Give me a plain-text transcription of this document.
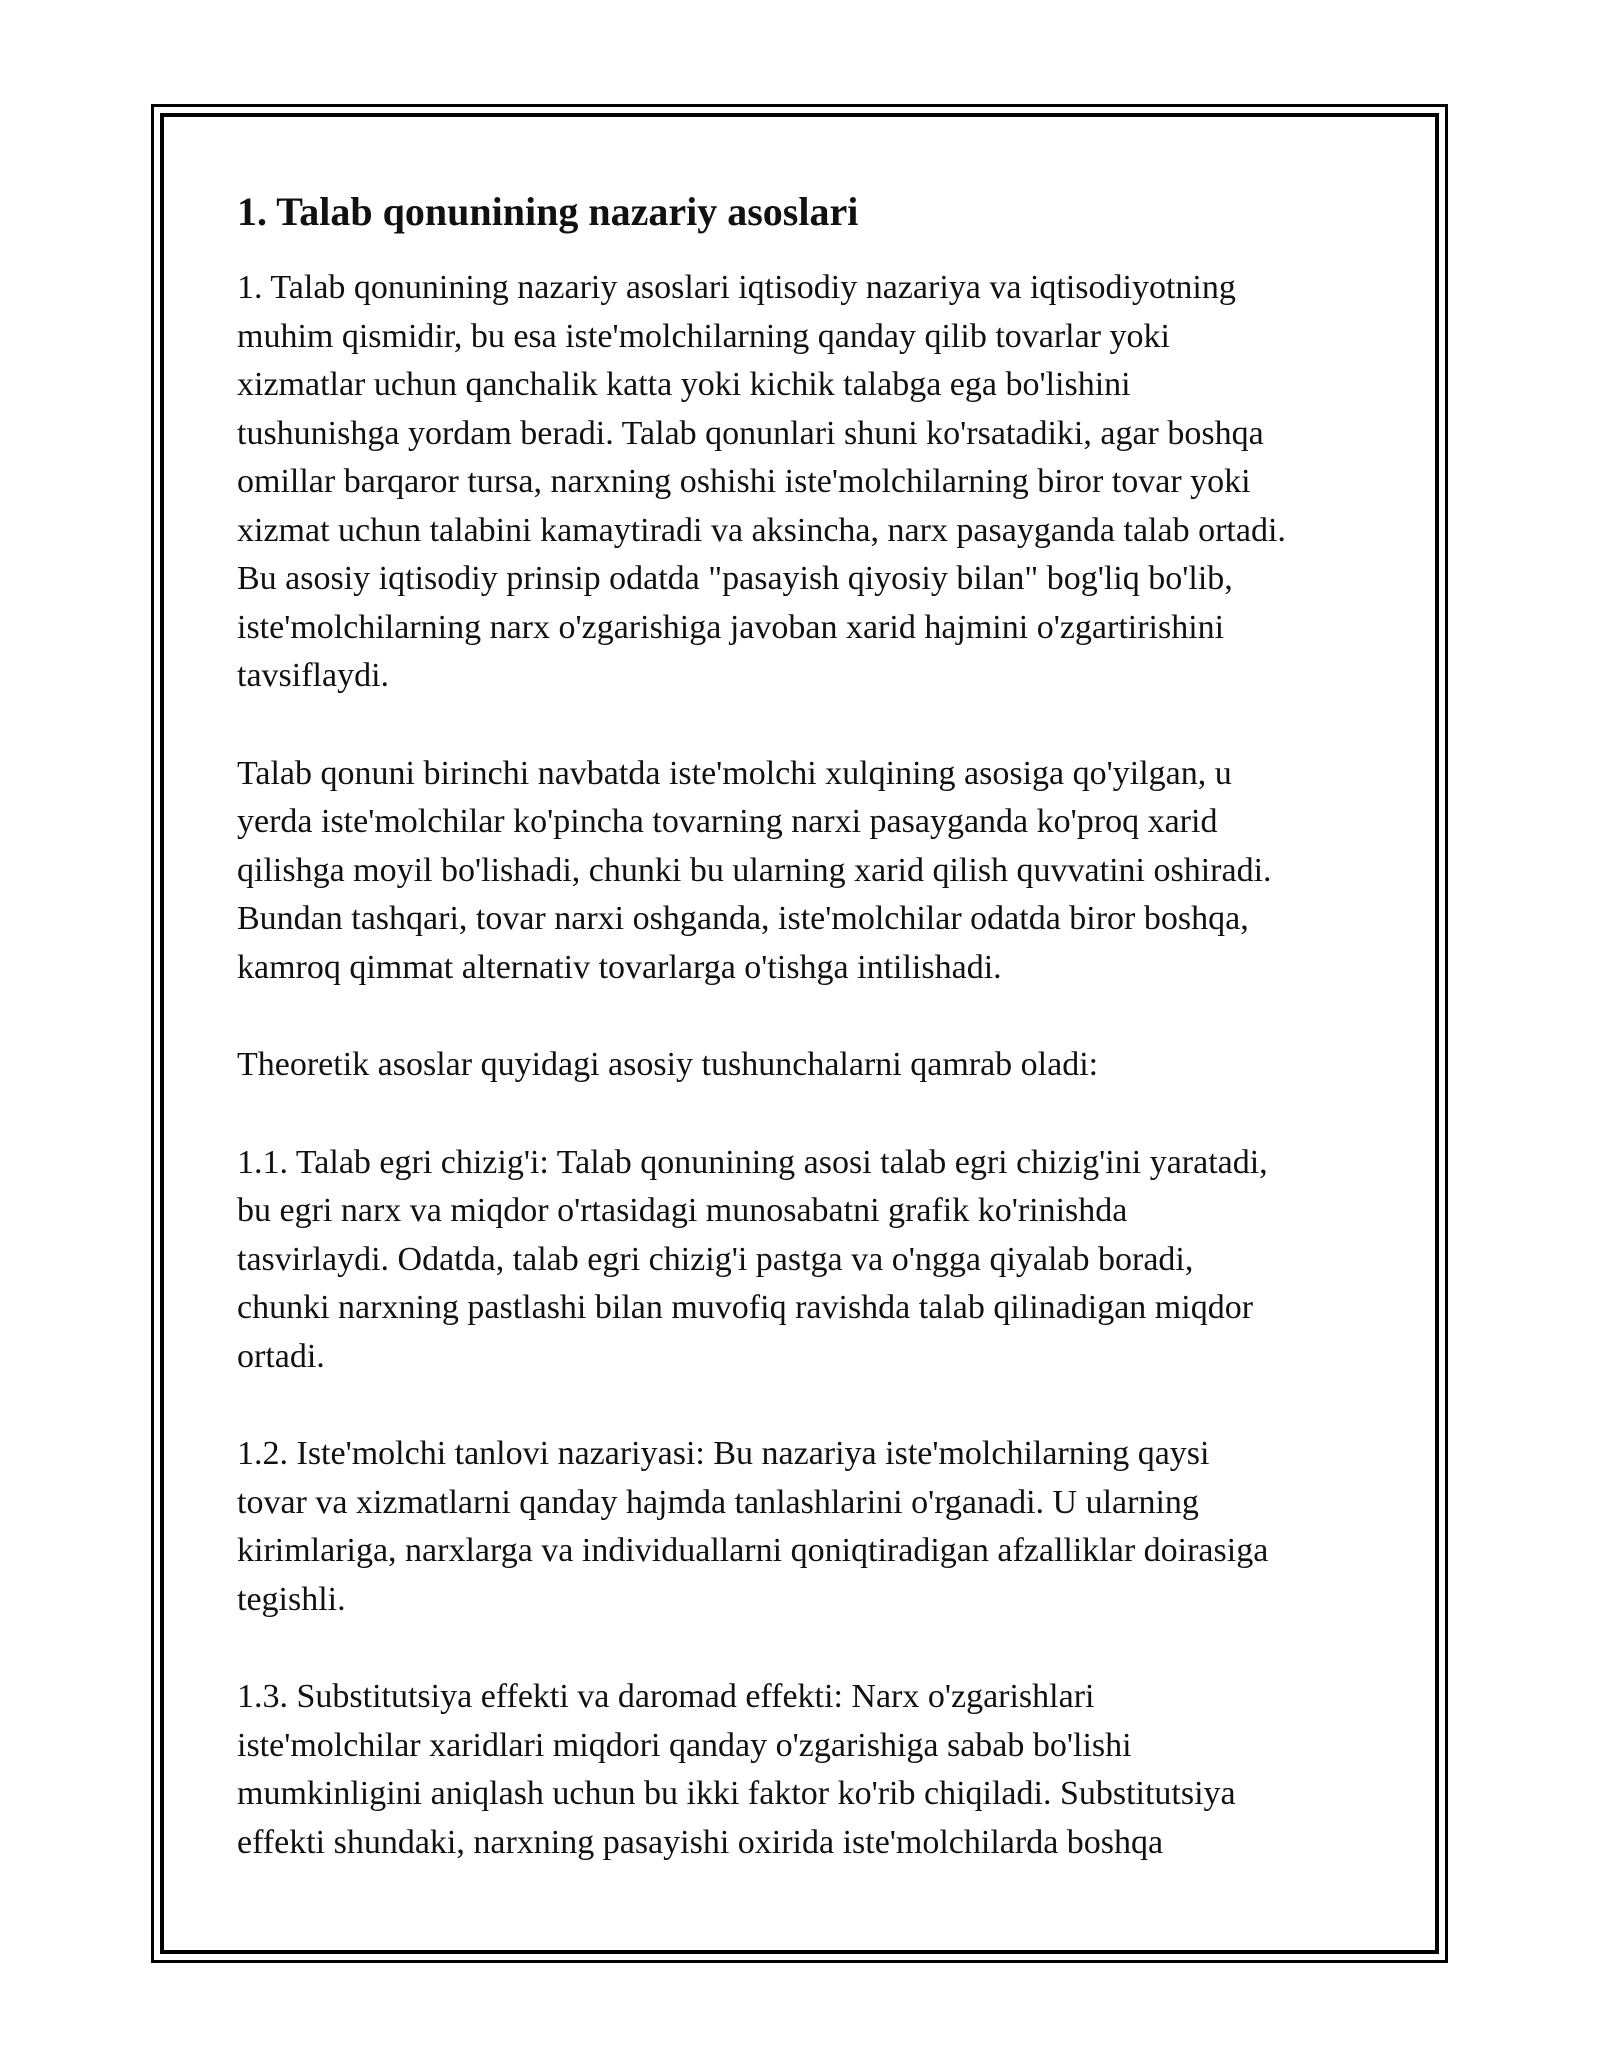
1. Talab qonunining nazariy asoslari

1. Talab qonunining nazariy asoslari iqtisodiy nazariya va iqtisodiyotning
muhim qismidir, bu esa iste'molchilarning qanday qilib tovarlar yoki
xizmatlar uchun qanchalik katta yoki kichik talabga ega bo'lishini
tushunishga yordam beradi. Talab qonunlari shuni ko'rsatadiki, agar boshqa
omillar barqaror tursa, narxning oshishi iste'molchilarning biror tovar yoki
xizmat uchun talabini kamaytiradi va aksincha, narx pasayganda talab ortadi.
Bu asosiy iqtisodiy prinsip odatda "pasayish qiyosiy bilan" bog'liq bo'lib,
iste'molchilarning narx o'zgarishiga javoban xarid hajmini o'zgartirishini
tavsiflaydi.

Talab qonuni birinchi navbatda iste'molchi xulqining asosiga qo'yilgan, u
yerda iste'molchilar ko'pincha tovarning narxi pasayganda ko'proq xarid
qilishga moyil bo'lishadi, chunki bu ularning xarid qilish quvvatini oshiradi.
Bundan tashqari, tovar narxi oshganda, iste'molchilar odatda biror boshqa,
kamroq qimmat alternativ tovarlarga o'tishga intilishadi.

Theoretik asoslar quyidagi asosiy tushunchalarni qamrab oladi:

1.1. Talab egri chizig'i: Talab qonunining asosi talab egri chizig'ini yaratadi,
bu egri narx va miqdor o'rtasidagi munosabatni grafik ko'rinishda
tasvirlaydi. Odatda, talab egri chizig'i pastga va o'ngga qiyalab boradi,
chunki narxning pastlashi bilan muvofiq ravishda talab qilinadigan miqdor
ortadi.

1.2. Iste'molchi tanlovi nazariyasi: Bu nazariya iste'molchilarning qaysi
tovar va xizmatlarni qanday hajmda tanlashlarini o'rganadi. U ularning
kirimlariga, narxlarga va individuallarni qoniqtiradigan afzalliklar doirasiga
tegishli.

1.3. Substitutsiya effekti va daromad effekti: Narx o'zgarishlari
iste'molchilar xaridlari miqdori qanday o'zgarishiga sabab bo'lishi
mumkinligini aniqlash uchun bu ikki faktor ko'rib chiqiladi. Substitutsiya
effekti shundaki, narxning pasayishi oxirida iste'molchilarda boshqa
